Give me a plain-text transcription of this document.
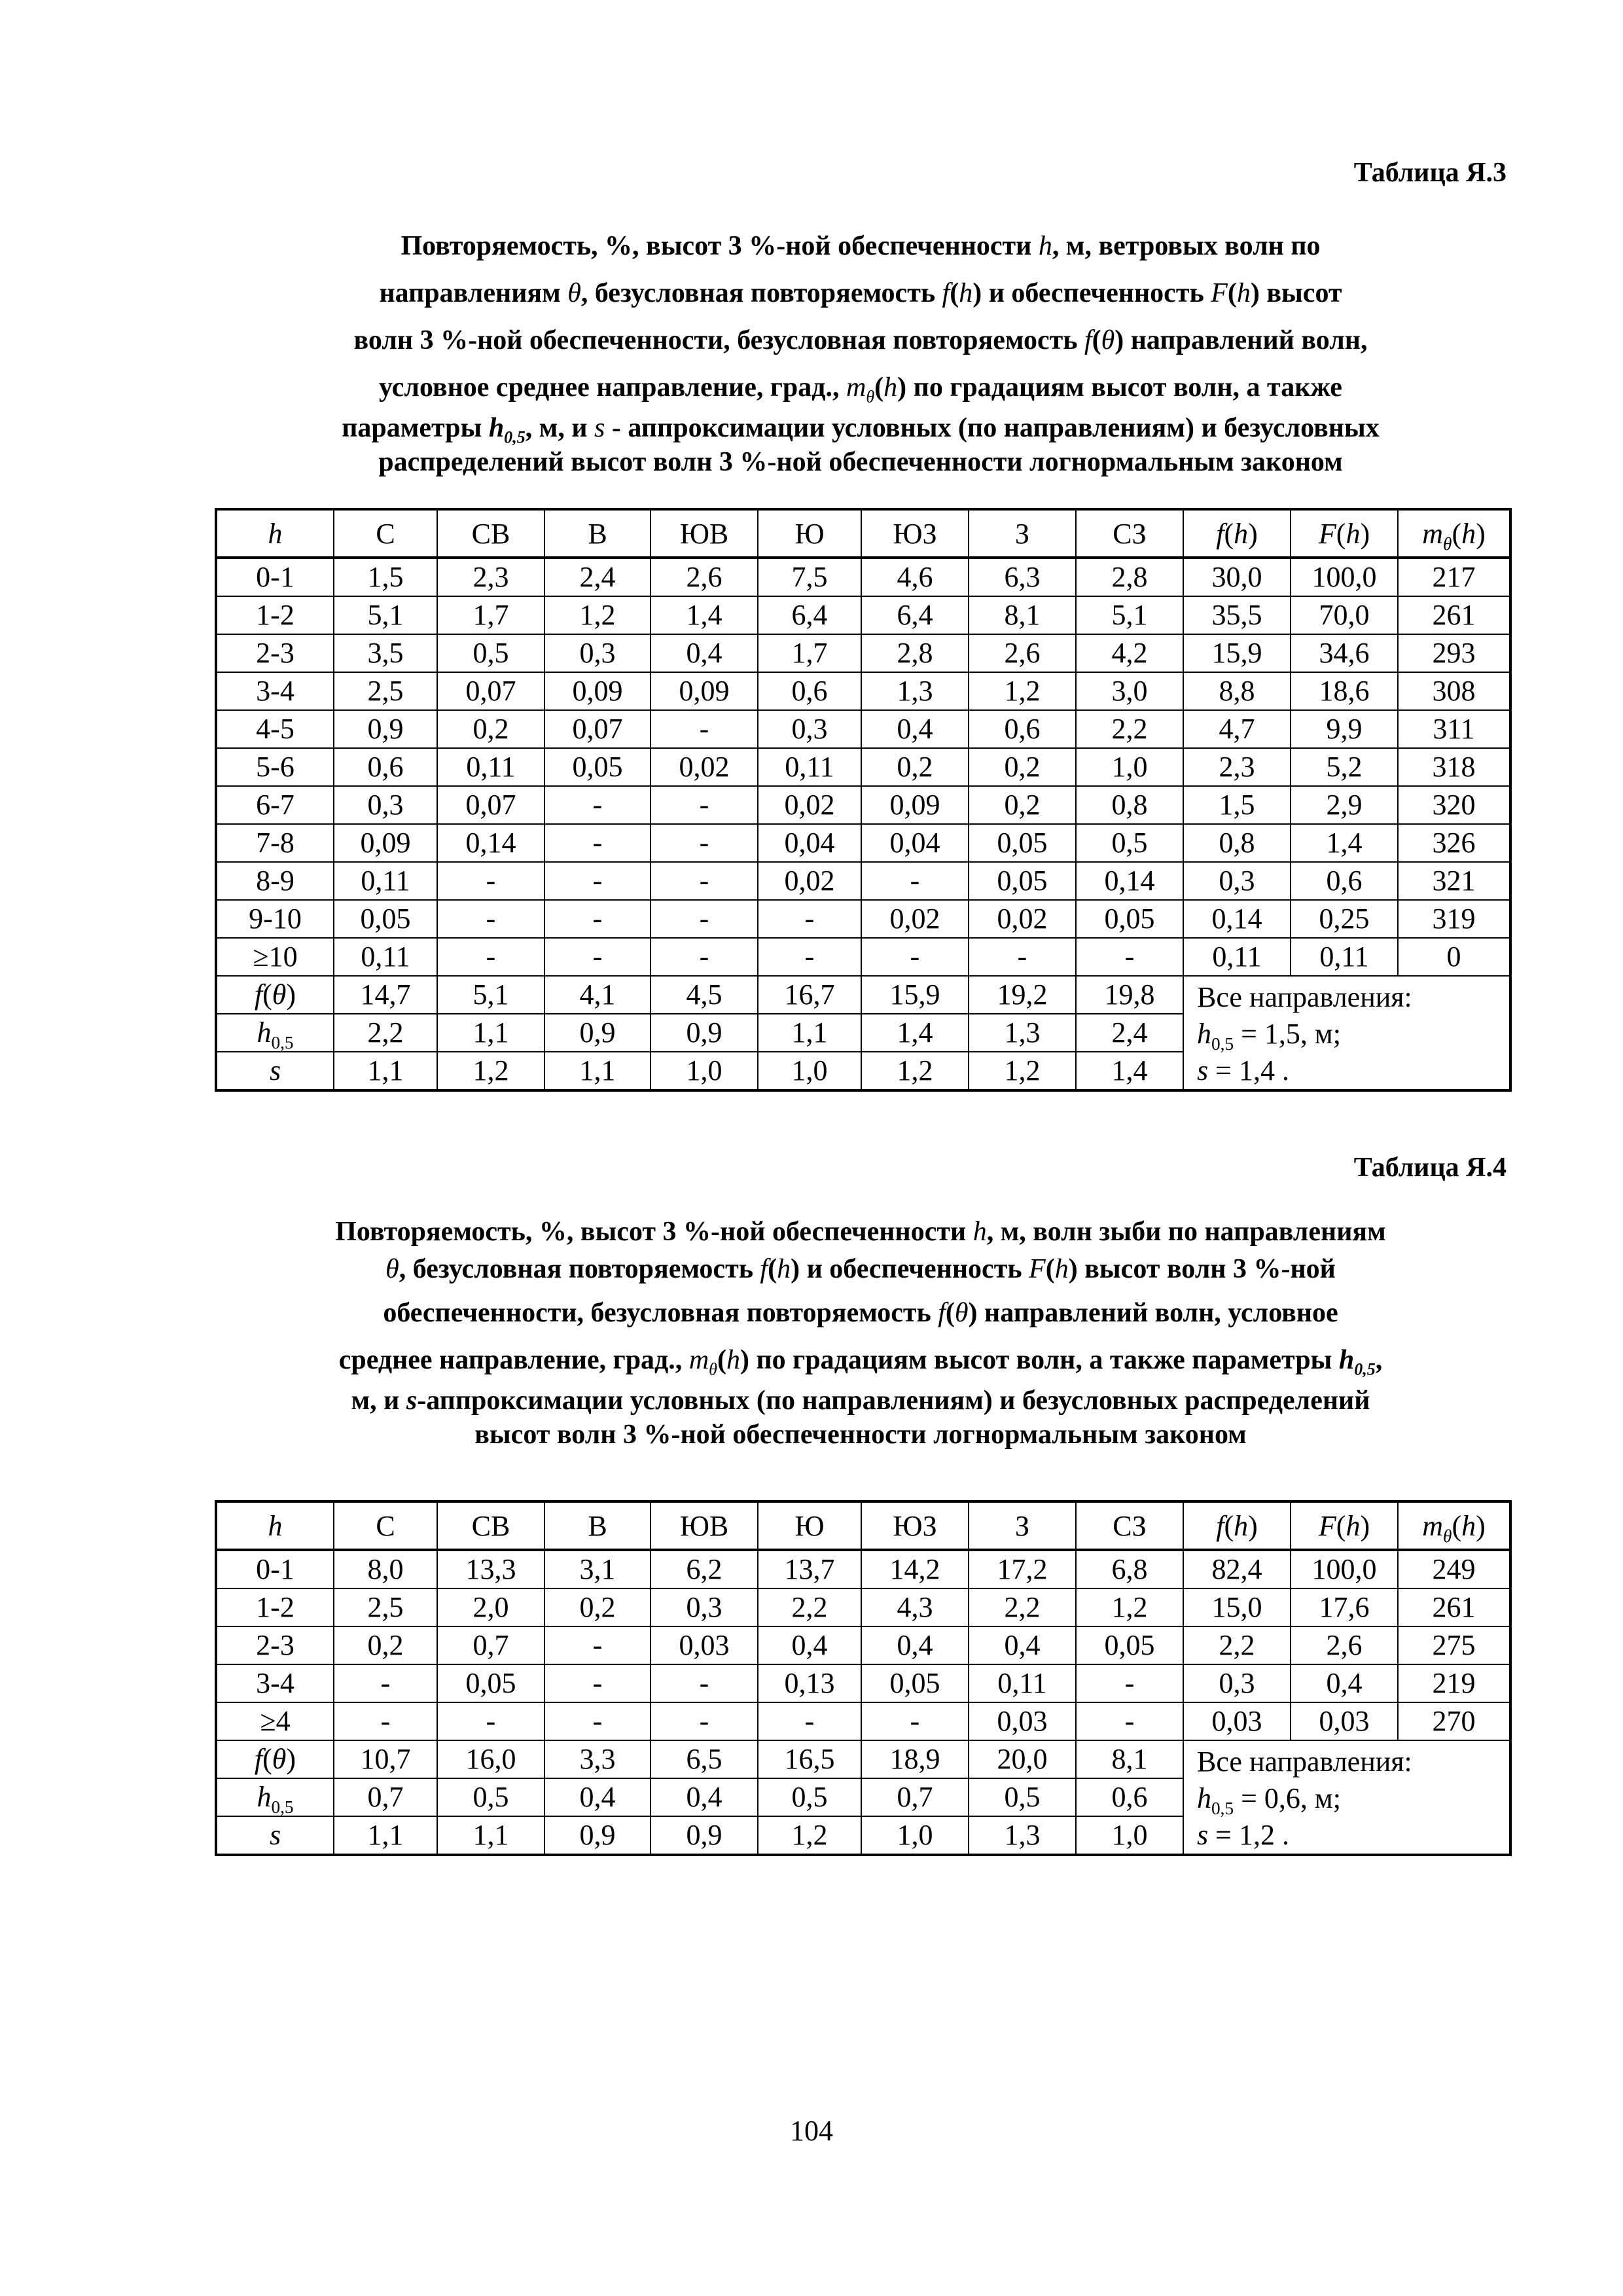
Таблица Я.3
Повторяемость, %, высот 3 %-ной обеспеченности h, м, ветровых волн по
направлениям θ, безусловная повторяемость f(h) и обеспеченность F(h) высот
волн 3 %-ной обеспеченности, безусловная повторяемость f(θ) направлений волн,
условное среднее направление, град., $m_\theta(h)$ по градациям высот волн, а также
параметры $h_{0,5}$, м, и s - аппроксимации условных (по направлениям) и безусловных
распределений высот волн 3 %-ной обеспеченности логнормальным законом
h	С	СВ	В	ЮВ	Ю	ЮЗ	З	СЗ	f(h)	F(h)	$m_\theta(h)$
0-1	1,5	2,3	2,4	2,6	7,5	4,6	6,3	2,8	30,0	100,0	217
1-2	5,1	1,7	1,2	1,4	6,4	6,4	8,1	5,1	35,5	70,0	261
2-3	3,5	0,5	0,3	0,4	1,7	2,8	2,6	4,2	15,9	34,6	293
3-4	2,5	0,07	0,09	0,09	0,6	1,3	1,2	3,0	8,8	18,6	308
4-5	0,9	0,2	0,07	-	0,3	0,4	0,6	2,2	4,7	9,9	311
5-6	0,6	0,11	0,05	0,02	0,11	0,2	0,2	1,0	2,3	5,2	318
6-7	0,3	0,07	-	-	0,02	0,09	0,2	0,8	1,5	2,9	320
7-8	0,09	0,14	-	-	0,04	0,04	0,05	0,5	0,8	1,4	326
8-9	0,11	-	-	-	0,02	-	0,05	0,14	0,3	0,6	321
9-10	0,05	-	-	-	-	0,02	0,02	0,05	0,14	0,25	319
≥10	0,11	-	-	-	-	-	-	-	0,11	0,11	0
f(θ)	14,7	5,1	4,1	4,5	16,7	15,9	19,2	19,8	Все направления:
$h_{0,5} = 1,5$, м;
s = 1,4 .		

$h_{0,5}$	2,2	1,1	0,9	0,9	1,1	1,4	1,3	2,4			
s	1,1	1,2	1,1	1,0	1,0	1,2	1,2	1,4			
Таблица Я.4
Повторяемость, %, высот 3 %-ной обеспеченности h, м, волн зыби по направлениям
θ, безусловная повторяемость f(h) и обеспеченность F(h) высот волн 3 %-ной
обеспеченности, безусловная повторяемость f(θ) направлений волн, условное
среднее направление, град., $m_\theta(h)$ по градациям высот волн, а также параметры $h_{0,5}$,
м, и s-аппроксимации условных (по направлениям) и безусловных распределений
высот волн 3 %-ной обеспеченности логнормальным законом
h	С	СВ	В	ЮВ	Ю	ЮЗ	З	СЗ	f(h)	F(h)	$m_\theta(h)$
0-1	8,0	13,3	3,1	6,2	13,7	14,2	17,2	6,8	82,4	100,0	249
1-2	2,5	2,0	0,2	0,3	2,2	4,3	2,2	1,2	15,0	17,6	261
2-3	0,2	0,7	-	0,03	0,4	0,4	0,4	0,05	2,2	2,6	275
3-4	-	0,05	-	-	0,13	0,05	0,11	-	0,3	0,4	219
≥4	-	-	-	-	-	-	0,03	-	0,03	0,03	270
f(θ)	10,7	16,0	3,3	6,5	16,5	18,9	20,0	8,1	Все направления:
$h_{0,5} = 0,6$, м;
s = 1,2 .		

$h_{0,5}$	0,7	0,5	0,4	0,4	0,5	0,7	0,5	0,6			
s	1,1	1,1	0,9	0,9	1,2	1,0	1,3	1,0			
104
